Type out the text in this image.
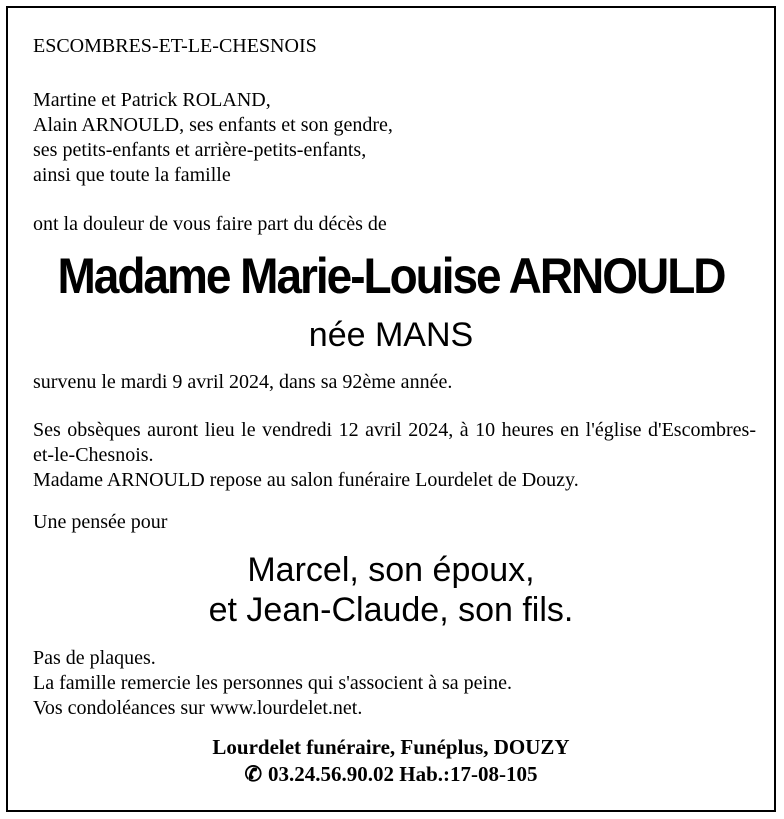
ESCOMBRES-ET-LE-CHESNOIS

Martine et Patrick ROLAND,
Alain ARNOULD, ses enfants et son gendre,
ses petits-enfants et arrière-petits-enfants,
ainsi que toute la famille

ont la douleur de vous faire part du décès de

Madame Marie-Louise ARNOULD

née MANS

survenu le mardi 9 avril 2024, dans sa 92ème année.

Ses obsèques auront lieu le vendredi 12 avril 2024, à 10 heures en l'église d'Escombres-et-le-Chesnois.

Madame ARNOULD repose au salon funéraire Lourdelet de Douzy.

Une pensée pour

Marcel, son époux,
et Jean-Claude, son fils.
Pas de plaques.
La famille remercie les personnes qui s'associent à sa peine.
Vos condoléances sur www.lourdelet.net.
Lourdelet funéraire, Funéplus, DOUZY
✆ 03.24.56.90.02 Hab.:17-08-105
